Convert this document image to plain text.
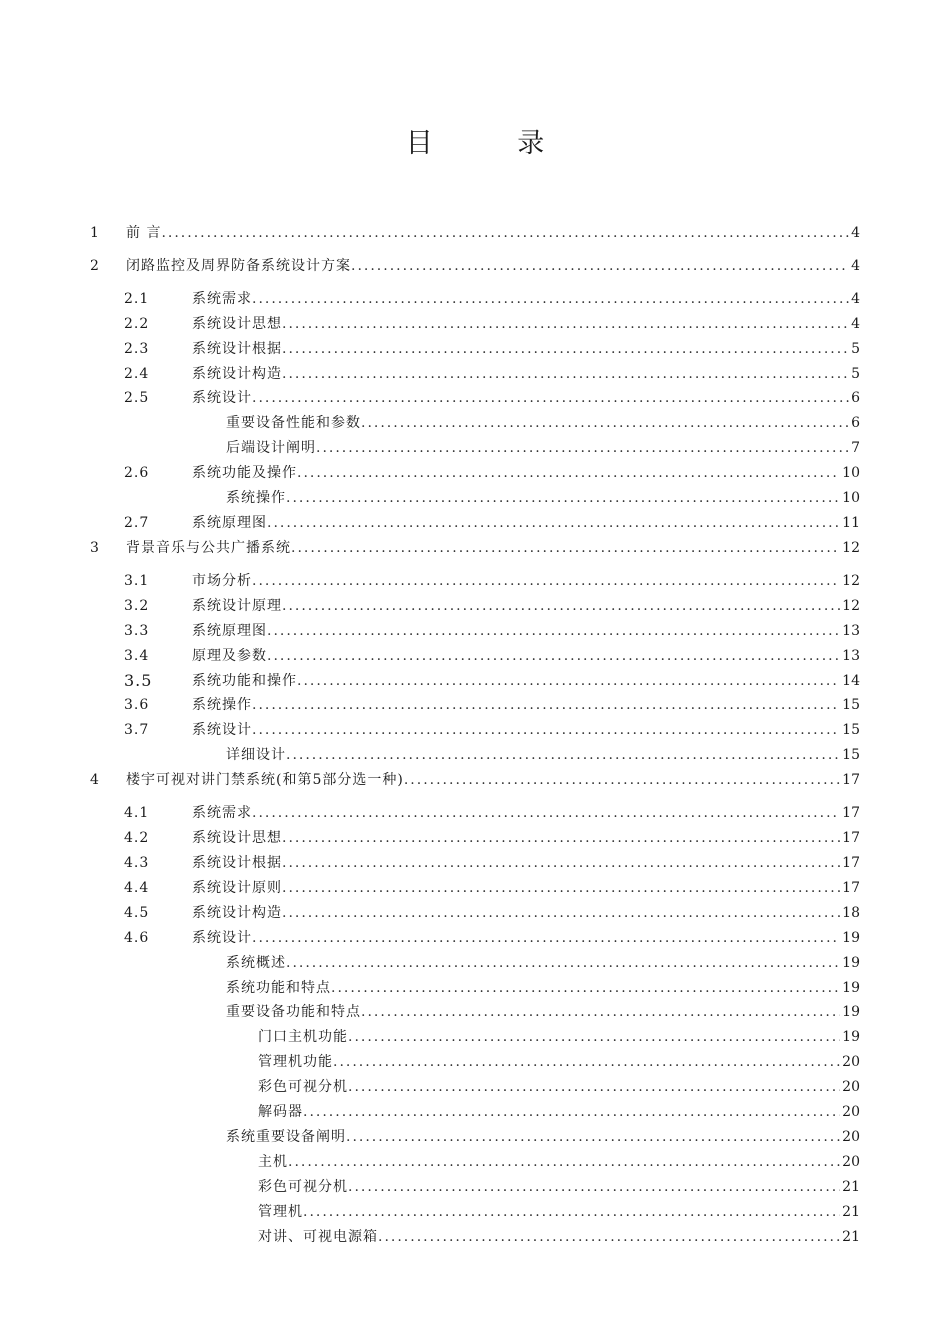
目 录
1 前 言 .....	4
2 闭路监控及周界防备系统设计方案 .....	4
2.1	系统需求 .....	4
2.2	系统设计思想 .....	4
2.3	系统设计根据 .....	5
2.4	系统设计构造 .....	5
2.5	系统设计 .....	6
重要设备性能和参数 .....	6
后端设计阐明 .....	7
2.6	系统功能及操作 .....	10
系统操作 .....	10
2.7	系统原理图 .....	11
3 背景音乐与公共广播系统 .....	12
3.1	市场分析 .....	12
3.2	系统设计原理 .....	12
3.3	系统原理图 .....	13
3.4	原理及参数 .....	13
3.5	系统功能和操作 .....	14
3.6	系统操作 .....	15
3.7	系统设计 .....	15
详细设计 .....	15
4 楼宇可视对讲门禁系统(和第5部分选一种) .....	17
4.1	系统需求 .....	17
4.2	系统设计思想 .....	17
4.3	系统设计根据 .....	17
4.4	系统设计原则 .....	17
4.5	系统设计构造 .....	18
4.6	系统设计 .....	19
系统概述 .....	19
系统功能和特点 .....	19
重要设备功能和特点 .....	19
门口主机功能 .....	19
管理机功能 .....	20
彩色可视分机 .....	20
解码器 .....	20
系统重要设备阐明 .....	20
主机 .....	20
彩色可视分机 .....	21
管理机 .....	21
对讲、可视电源箱 .....	21
